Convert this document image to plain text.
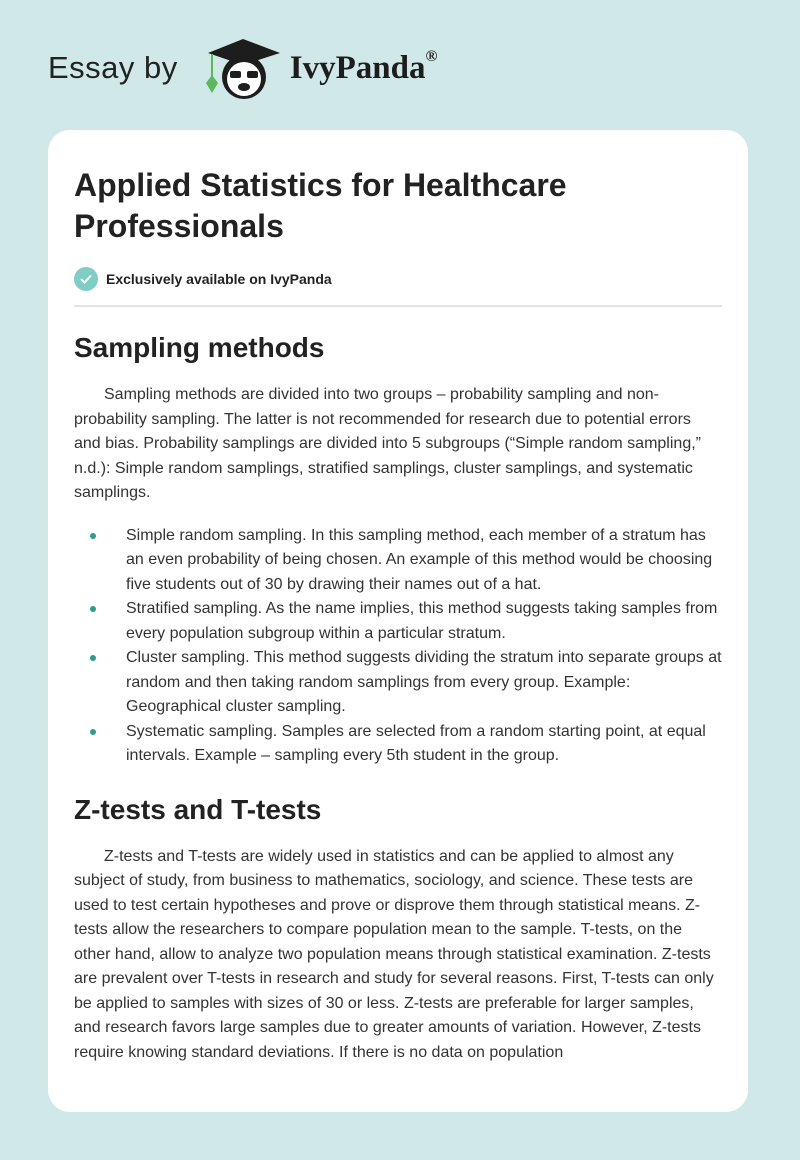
Essay by	IvyPanda®
Applied Statistics for Healthcare Professionals
Exclusively available on IvyPanda
Sampling methods

Sampling methods are divided into two groups – probability sampling and non-probability sampling. The latter is not recommended for research due to potential errors and bias. Probability samplings are divided into 5 subgroups (“Simple random sampling,” n.d.): Simple random samplings, stratified samplings, cluster samplings, and systematic samplings.

Simple random sampling. In this sampling method, each member of a stratum has an even probability of being chosen. An example of this method would be choosing five students out of 30 by drawing their names out of a hat.
Stratified sampling. As the name implies, this method suggests taking samples from every population subgroup within a particular stratum.
Cluster sampling. This method suggests dividing the stratum into separate groups at random and then taking random samplings from every group. Example: Geographical cluster sampling.
Systematic sampling. Samples are selected from a random starting point, at equal intervals. Example – sampling every 5th student in the group.
Z-tests and T-tests

Z-tests and T-tests are widely used in statistics and can be applied to almost any subject of study, from business to mathematics, sociology, and science. These tests are used to test certain hypotheses and prove or disprove them through statistical means. Z-tests allow the researchers to compare population mean to the sample. T-tests, on the other hand, allow to analyze two population means through statistical examination. Z-tests are prevalent over T-tests in research and study for several reasons. First, T-tests can only be applied to samples with sizes of 30 or less. Z-tests are preferable for larger samples, and research favors large samples due to greater amounts of variation. However, Z-tests require knowing standard deviations. If there is no data on population
